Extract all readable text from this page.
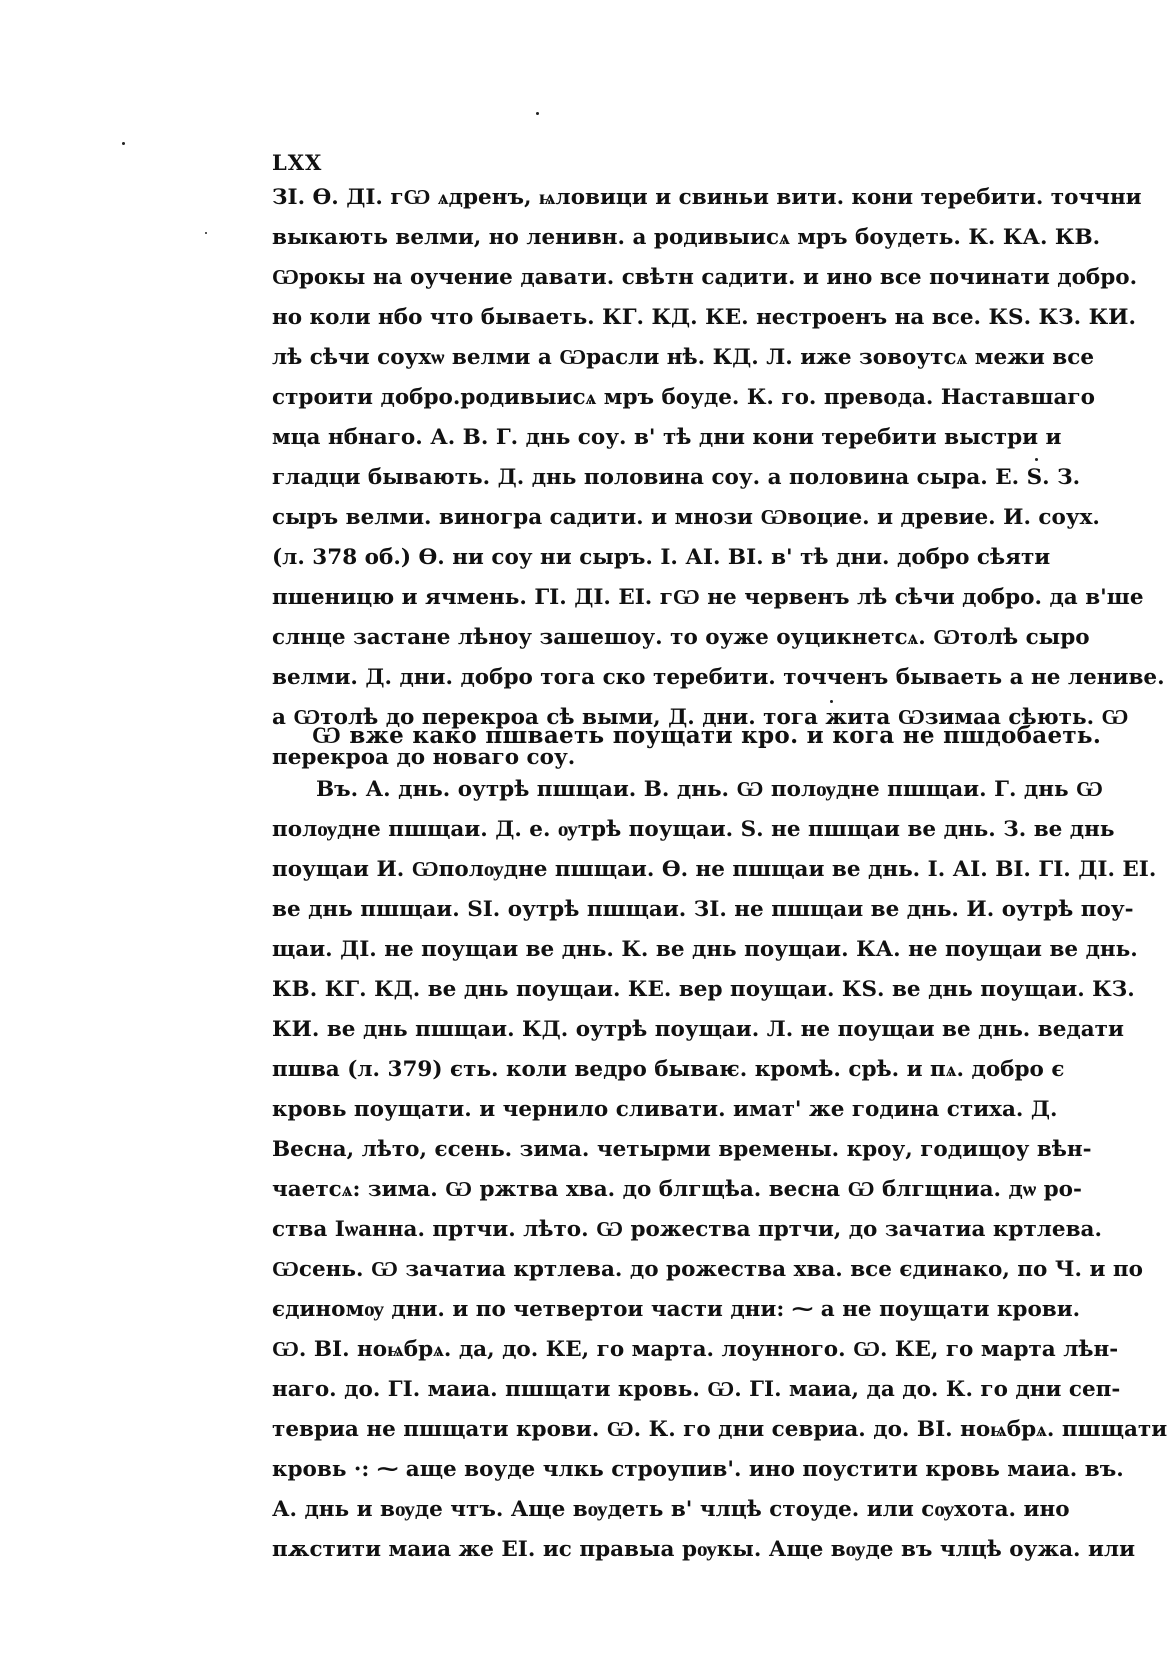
LXX
ЗІ. Ѳ. ДІ. гѠ ѧдренъ, ѩловици и свиньи вити. кони теребити. точчни
выкають велми, но ленивн. а родивыисѧ мръ боудеть. К. КА. КВ.
Ѡрокы на оучение давати. свѣтн садити. и ино все починати добро.
но коли нбо что бываеть. КГ. КД. КЕ. нестроенъ на все. КЅ. КЗ. КИ.
лѣ сѣчи соухѡ велми а Ѡрасли нѣ. КД. Л. иже зовоутсѧ межи все
строити добро.родивыисѧ мръ боуде. К. го. превода. Наставшаго
мца нбнаго. А. В. Г. днь соу. в' тѣ дни кони теребити выстри и
гладци бывають. Д. днь половина соу. а половина сыра. Е. Ѕ. З.
сыръ велми. виногра садити. и мнози Ѡвоцие. и древие. И. соух.
(л. 378 об.) Ѳ. ни соу ни сыръ. І. АІ. ВІ. в' тѣ дни. добро сѣяти
пшеницю и ячмень. ГІ. ДІ. ЕІ. гѠ не червенъ лѣ сѣчи добро. да в'ше
слнце застане лѣноу зашешоу. то оуже оуцикнетсѧ. Ѡтолѣ сыро
велми. Д. дни. добро тога ско теребити. точченъ бываеть а не лениве.
а Ѡтолѣ до перекроа сѣ выми, Д. дни. тога жита Ѡзимаа сѣють. Ѡ
перекроа до новаго соу.
Ѡ вже како пшваеть поущати кро. и кога не пшдобаеть.
Въ. А. днь. оутрѣ пшщаи. В. днь. Ѡ полѹдне пшщаи. Г. днь Ѡ
полѹдне пшщаи. Д. е. ѹтрѣ поущаи. Ѕ. не пшщаи ве днь. З. ве днь
поущаи И. Ѡполѹдне пшщаи. Ѳ. не пшщаи ве днь. І. АІ. ВІ. ГІ. ДІ. ЕІ.
ве днь пшщаи. ЅІ. оутрѣ пшщаи. ЗІ. не пшщаи ве днь. И. оутрѣ поу-
щаи. ДІ. не поущаи ве днь. К. ве днь поущаи. КА. не поущаи ве днь.
КВ. КГ. КД. ве днь поущаи. КЕ. вер поущаи. КЅ. ве днь поущаи. КЗ.
КИ. ве днь пшщаи. КД. оутрѣ поущаи. Л. не поущаи ве днь. ведати
пшва (л. 379) єть. коли ведро бываѥ. кромѣ. срѣ. и пѧ. добро є
кровь поущати. и чернило сливати. имат' же година стиха. Д.
Весна, лѣто, єсень. зима. четырми времены. кроу, годищоу вѣн-
чаетсѧ: зима. Ѡ ржтва хва. до блгщѣа. весна Ѡ блгщниа. дѡ ро-
ства Іѡанна. пртчи. лѣто. Ѡ рожества пртчи, до зачатиа кртлева.
Ѡсень. Ѡ зачатиа кртлева. до рожества хва. все єдинако, по Ч. и по
єдиномѹ дни. и по четвертои части дни: ⁓ а не поущати крови.
Ѡ. ВІ. ноѩбрѧ. да, до. КЕ, го марта. лоунного. Ѡ. КЕ, го марта лѣн-
наго. до. ГІ. маиа. пшщати кровь. Ѡ. ГІ. маиа, да до. К. го дни сеп-
тевриа не пшщати крови. Ѡ. К. го дни севриа. до. ВІ. ноѩбрѧ. пшщати
кровь ·: ⁓ аще воуде члкь строупив'. ино поустити кровь маиа. въ.
А. днь и вѹде чтъ. Аще вѹдеть в' члцѣ стоуде. или сѹхота. ино
пѫстити маиа же ЕІ. ис правыа рѹкы. Аще вѹде въ члцѣ оужа. или
